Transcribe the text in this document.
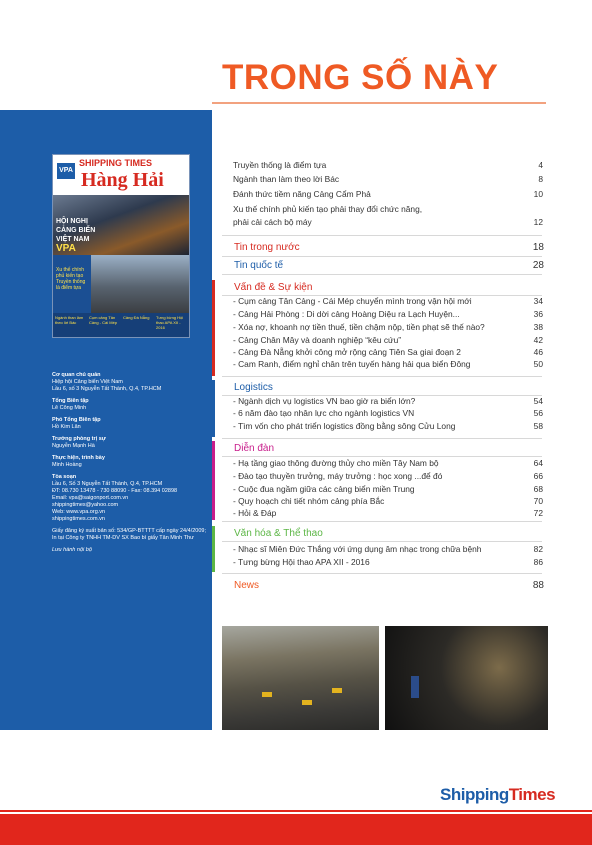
TRONG SỐ NÀY
VPA
SHIPPING TIMES
Hàng Hải
HỘI NGHỊ
CẢNG BIỂN
VIỆT NAM
VPA
Xu thế chính phủ kiến tạo Truyền thống là điểm tựa
Ngành than làm theo lời Bác
Cụm cảng Tân Cảng - Cái Mép
Cảng Đà Nẵng	Tưng bừng Hội thao APA XII - 2016
Cơ quan chủ quản
Hiệp hội Cảng biển Việt Nam
Lầu 6, số 3 Nguyễn Tất Thành, Q.4, TP.HCM
Tổng Biên tập
Lê Công Minh
Phó Tổng Biên tập
Hồ Kim Lân
Trưởng phòng trị sự
Nguyễn Mạnh Hà
Thực hiện, trình bày
Minh Hoàng
Tòa soạn
Lầu 6, Số 3 Nguyễn Tất Thành, Q.4, TP.HCM
ĐT: 08.730 13478 - 730 88090 - Fax: 08.394 02898
Email: vpa@saigonport.com.vn
shippingtimes@yahoo.com
Web: www.vpa.org.vn
shippingtimes.com.vn
Giấy đăng ký xuất bản số: 534/GP-BTTTT cấp ngày 24/4/2009;
In tại Công ty TNHH TM-DV SX Bao bì giấy Tân Minh Thư
Lưu hành nội bộ
Truyền thống là điểm tựa	4
Ngành than làm theo lời Bác	8
Đánh thức tiềm năng Cảng Cẩm Phả	10
Xu thế chính phủ kiến tạo phải thay đổi chức năng,
phải cải cách bộ máy	12
Tin trong nước	18
Tin quốc tế	28
Vấn đề & Sự kiện
- Cụm cảng Tân Cảng - Cái Mép chuyển mình trong vận hội mới	34
- Cảng Hải Phòng : Di dời cảng Hoàng Diệu ra Lạch Huyện...	36
- Xóa nợ, khoanh nợ tiền thuế, tiền chậm nộp, tiền phạt sẽ thế nào?	38
- Cảng Chân Mây và doanh nghiệp “kêu cứu”	42
- Cảng Đà Nẵng khởi công mở rộng cảng Tiên Sa giai đoạn 2	46
- Cam Ranh, điểm nghỉ chân trên tuyến hàng hải qua biển Đông	50
Logistics
- Ngành dịch vụ logistics VN bao giờ ra biển lớn?	54
- 6 năm đào tạo nhân lực cho ngành logistics VN	56
- Tìm vốn cho phát triển logistics đồng bằng sông Cửu Long	58
Diễn đàn
- Hạ tầng giao thông đường thủy cho miền Tây Nam bộ	64
- Đào tạo thuyền trưởng, máy trưởng : học xong ...để đó	66
- Cuộc đua ngầm giữa các cảng biển miền Trung	68
- Quy hoạch chi tiết nhóm cảng phía Bắc	70
- Hỏi & Đáp	72
Văn hóa & Thể thao
- Nhạc sĩ Miên Đức Thắng với ứng dụng âm nhạc trong chữa bệnh	82
- Tưng bừng Hội thao APA XII - 2016	86
News	88
ShippingTimes
